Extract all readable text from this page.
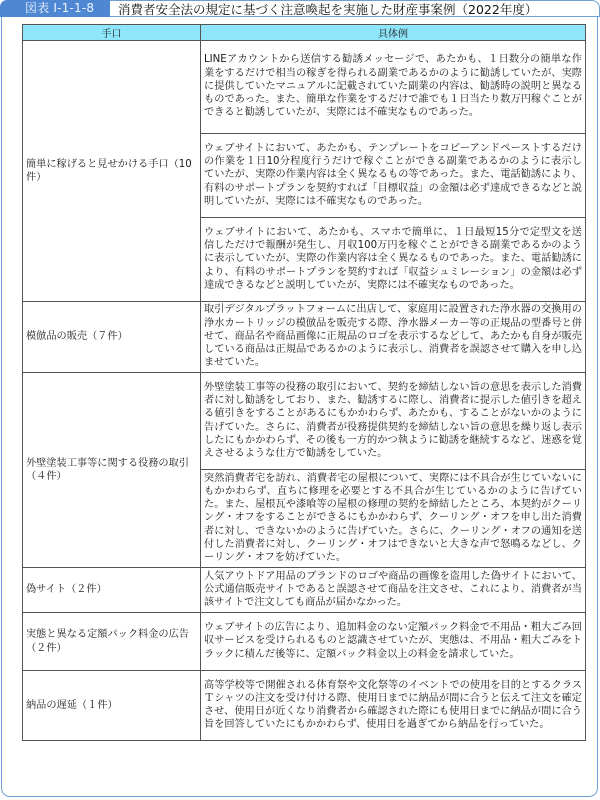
図表 I-1-1-8	消費者安全法の規定に基づく注意喚起を実施した財産事案例（2022年度）
手口	具体例
簡単に稼げると見せかける手口（10件）	LINEアカウントから送信する勧誘メッセージで、あたかも、１日数分の簡単な作業をするだけで相当の稼ぎを得られる副業であるかのように勧誘していたが、実際に提供していたマニュアルに記載されていた副業の内容は、勧誘時の説明と異なるものであった。また、簡単な作業をするだけで誰でも１日当たり数万円稼ぐことができると勧誘していたが、実際には不確実なものであった。
	ウェブサイトにおいて、あたかも、テンプレートをコピーアンドペーストするだけの作業を１日10分程度行うだけで稼ぐことができる副業であるかのように表示していたが、実際の作業内容は全く異なるもの等であった。また、電話勧誘により、有料のサポートプランを契約すれば「目標収益」の金額は必ず達成できるなどと説明していたが、実際には不確実なものであった。
	ウェブサイトにおいて、あたかも、スマホで簡単に、１日最短15分で定型文を送信しただけで報酬が発生し、月収100万円を稼ぐことができる副業であるかのように表示していたが、実際の作業内容は全く異なるものであった。また、電話勧誘により、有料のサポートプランを契約すれば「収益シュミレーション」の金額は必ず達成できるなどと説明していたが、実際には不確実なものであった。
模倣品の販売（７件）	取引デジタルプラットフォームに出店して、家庭用に設置された浄水器の交換用の浄水カートリッジの模倣品を販売する際、浄水器メーカー等の正規品の型番号と併せて、商品名や商品画像に正規品のロゴを表示するなどして、あたかも自身が販売している商品は正規品であるかのように表示し、消費者を誤認させて購入を申し込ませていた。
外壁塗装工事等に関する役務の取引（４件）	外壁塗装工事等の役務の取引において、契約を締結しない旨の意思を表示した消費者に対し勧誘をしており、また、勧誘するに際し、消費者に提示した値引きを超える値引きをすることがあるにもかかわらず、あたかも、することがないかのように告げていた。さらに、消費者が役務提供契約を締結しない旨の意思を繰り返し表示したにもかかわらず、その後も一方的かつ執ように勧誘を継続するなど、迷惑を覚えさせるような仕方で勧誘をしていた。
	突然消費者宅を訪れ、消費者宅の屋根について、実際には不具合が生じていないにもかかわらず、直ちに修理を必要とする不具合が生じているかのように告げていた。また、屋根瓦や漆喰等の屋根の修理の契約を締結したところ、本契約がクーリング・オフをすることができるにもかかわらず、クーリング・オフを申し出た消費者に対し、できないかのように告げていた。さらに、クーリング・オフの通知を送付した消費者に対し、クーリング・オフはできないと大きな声で怒鳴るなどし、クーリング・オフを妨げていた。
偽サイト（２件）	人気アウトドア用品のブランドのロゴや商品の画像を盗用した偽サイトにおいて、公式通信販売サイトであると誤認させて商品を注文させ、これにより、消費者が当該サイトで注文しても商品が届かなかった。
実態と異なる定額パック料金の広告（２件）	ウェブサイトの広告により、追加料金のない定額パック料金で不用品・粗大ごみ回収サービスを受けられるものと認識させていたが、実態は、不用品・粗大ごみをトラックに積んだ後等に、定額パック料金以上の料金を請求していた。
納品の遅延（１件）	高等学校等で開催される体育祭や文化祭等のイベントでの使用を目的とするクラスＴシャツの注文を受け付ける際、使用日までに納品が間に合うと伝えて注文を確定させ、使用日が近くなり消費者から確認された際にも使用日までに納品が間に合う旨を回答していたにもかかわらず、使用日を過ぎてから納品を行っていた。
